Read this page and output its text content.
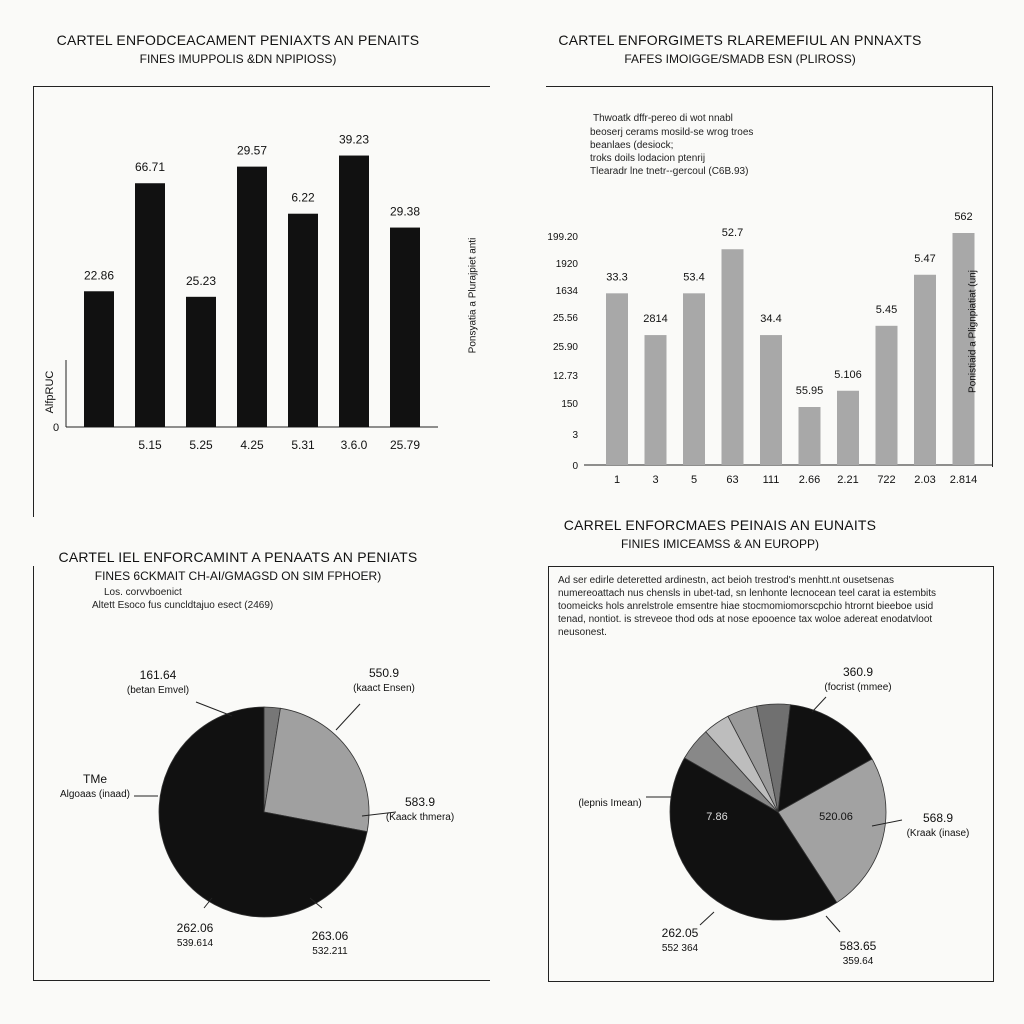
CARTEL ENFODCEACAMENT PENIAXTS AN PENAITS
FINES IMUPPOLIS &DN NPIPIOSS)
0
22.86
66.71
25.23
29.57
6.22
39.23
29.38
5.15 5.25 4.25 5.31 3.6.0 25.79
AlfpRUC
Ponsyatia a Plurajpiet anti
CARTEL ENFORGIMETS RLAREMEFIUL AN PNNAXTS
FAFES IMOIGGE/SMADB ESN (PLIROSS)
Thwoatk dffr-pereo di wot nnabl
beoserj cerams mosild-se wrog troes
beanlaes (desiock;
troks doils lodacion ptenrij
Tlearadr lne tnetr--gercoul (C6B.93)
199.20
1920
1634
25.56
25.90
12.73
150
3
0
33.3
2814
53.4
52.7
34.4
55.95
5.106
5.45
5.47
562
1	3	5	63 111 2.66 2.21 722 2.03 2.814
Ponistiaid a Plignpiatiat (unj
CARTEL IEL ENFORCAMINT A PENAATS AN PENIATS
FINES 6CKMAIT CH-AI/GMAGSD ON SIM FPHOER)
Los. corvvboenict
Altett Esoco fus cuncldtajuo esect (2469)
161.64
(betan Emvel)
550.9
(kaact Ensen)
583.9
(Kaack thmera)
TMe
Algoaas (inaad)
262.06
539.614
263.06
532.211
CARREL ENFORCMAES PEINAIS AN EUNAITS
FINIES IMICEAMSS & AN EUROPP)
Ad ser edirle deteretted ardinestn, act beioh trestrod's menhtt.nt ousetsenas numereoattach nus chensls in ubet-tad, sn lenhonte lecnocean teel carat ia estembits toomeicks hols anrelstrole emsentre hiae stocmomiomorscpchio htrornt bieeboe usid tenad, nontiot. is streveoe thod ods at nose epooence tax woloe adereat enodatvloot neusonest.
360.9
(focrist (mmee)
(lepnis Imean)
568.9
(Kraak (inase)
262.05
552 364	583.65
359.64
7.86	520.06
